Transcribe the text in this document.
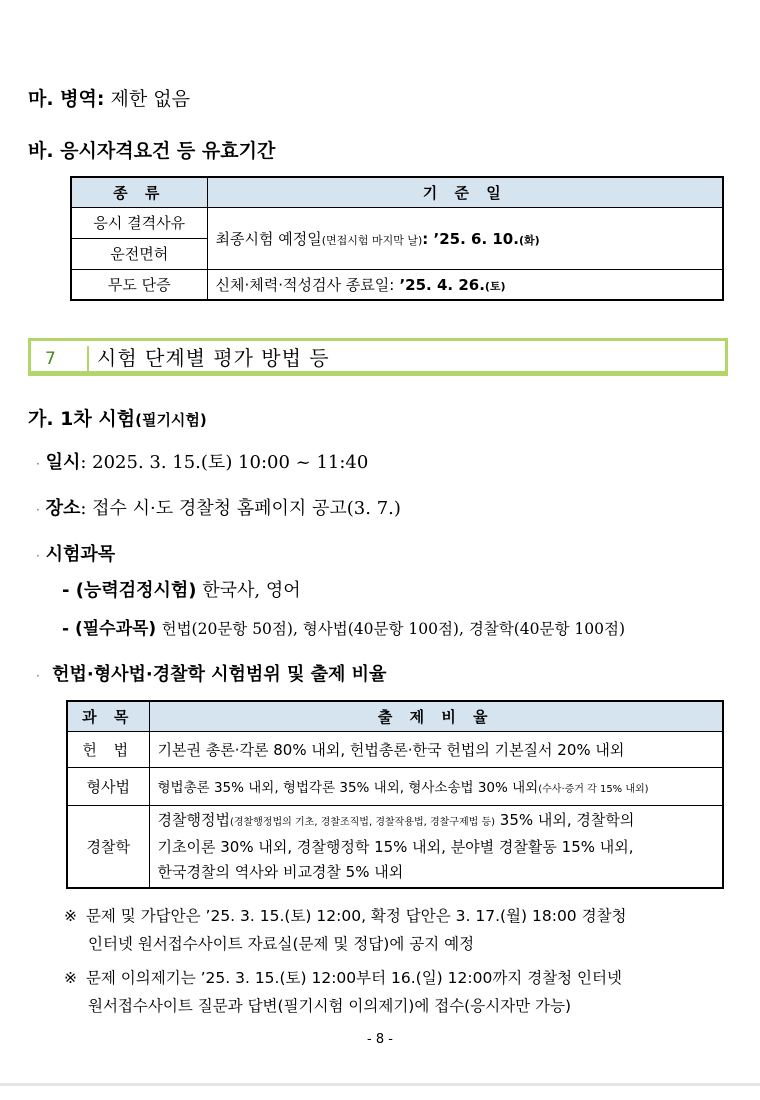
마. 병역: 제한 없음
바. 응시자격요건 등 유효기간
종 류	기 준 일
응시 결격사유	최종시험 예정일(면접시험 마지막 날): ’25. 6. 10.(화)
운전면허	
무도 단증	신체·체력·적성검사 종료일: ’25. 4. 26.(토)
7	시험 단계별 평가 방법 등
가. 1차 시험(필기시험)
· 일시: 2025. 3. 15.(토) 10:00 ~ 11:40
· 장소: 접수 시·도 경찰청 홈페이지 공고(3. 7.)
· 시험과목
- (능력검정시험) 한국사, 영어
- (필수과목) 헌법(20문항 50점), 형사법(40문항 100점), 경찰학(40문항 100점)
· 헌법·형사법·경찰학 시험범위 및 출제 비율
과 목	출 제 비 율
헌 법	기본권 총론·각론 80% 내외, 헌법총론·한국 헌법의 기본질서 20% 내외
형사법	형법총론 35% 내외, 형법각론 35% 내외, 형사소송법 30% 내외(수사·증거 각 15% 내외)
경찰학	경찰행정법(경찰행정법의 기초, 경찰조직법, 경찰작용법, 경찰구제법 등) 35% 내외, 경찰학의
기초이론 30% 내외, 경찰행정학 15% 내외, 분야별 경찰활동 15% 내외,
한국경찰의 역사와 비교경찰 5% 내외
※ 문제 및 가답안은 ’25. 3. 15.(토) 12:00, 확정 답안은 3. 17.(월) 18:00 경찰청
인터넷 원서접수사이트 자료실(문제 및 정답)에 공지 예정
※ 문제 이의제기는 ’25. 3. 15.(토) 12:00부터 16.(일) 12:00까지 경찰청 인터넷
원서접수사이트 질문과 답변(필기시험 이의제기)에 접수(응시자만 가능)
- 8 -
